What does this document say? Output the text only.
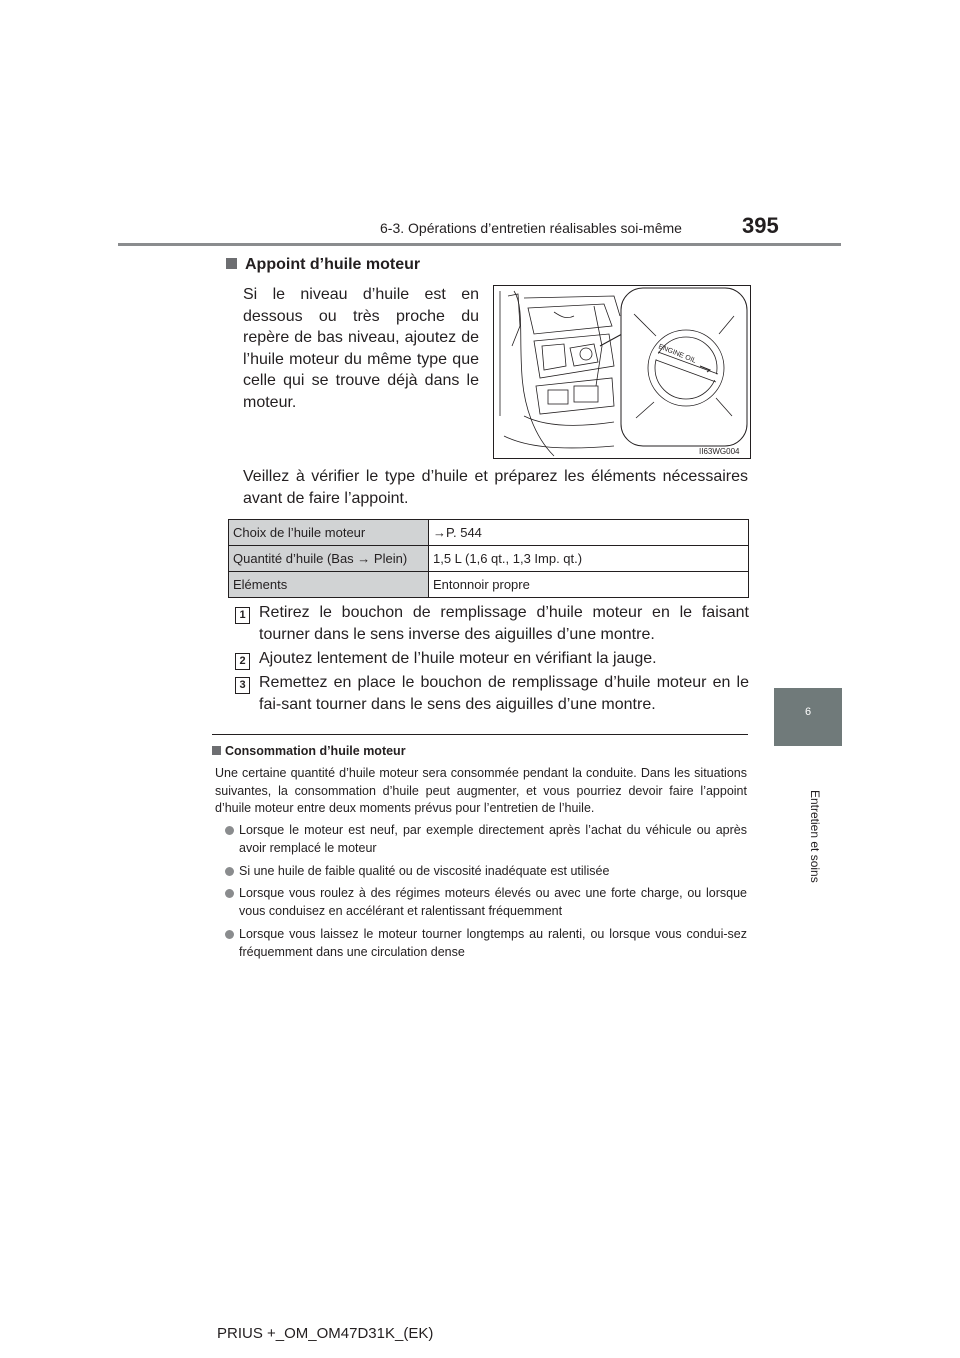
6-3. Opérations d’entretien réalisables soi-même	395
6
Entretien et soins
Appoint d’huile moteur
Si le niveau d’huile est en dessous ou très proche du repère de bas niveau, ajoutez de l’huile moteur du même type que celle qui se trouve déjà dans le moteur.
ENGINE OIL
II63WG004
Veillez à vérifier le type d’huile et préparez les éléments nécessaires avant de faire l’appoint.
Choix de l’huile moteur	→P. 544
Quantité d’huile (Bas → Plein)	1,5 L (1,6 qt., 1,3 Imp. qt.)
Eléments	Entonnoir propre
1 Retirez le bouchon de remplissage d’huile moteur en le faisant tourner dans le sens inverse des aiguilles d’une montre.
2 Ajoutez lentement de l’huile moteur en vérifiant la jauge.
3 Remettez en place le bouchon de remplissage d’huile moteur en le fai-sant tourner dans le sens des aiguilles d’une montre.
Consommation d’huile moteur
Une certaine quantité d’huile moteur sera consommée pendant la conduite. Dans les situations suivantes, la consommation d’huile peut augmenter, et vous pourriez devoir faire l’appoint d’huile moteur entre deux moments prévus pour l’entretien de l’huile.
Lorsque le moteur est neuf, par exemple directement après l’achat du véhicule ou après avoir remplacé le moteur
Si une huile de faible qualité ou de viscosité inadéquate est utilisée
Lorsque vous roulez à des régimes moteurs élevés ou avec une forte charge, ou lorsque vous conduisez en accélérant et ralentissant fréquemment
Lorsque vous laissez le moteur tourner longtemps au ralenti, ou lorsque vous condui-sez fréquemment dans une circulation dense
PRIUS +_OM_OM47D31K_(EK)
